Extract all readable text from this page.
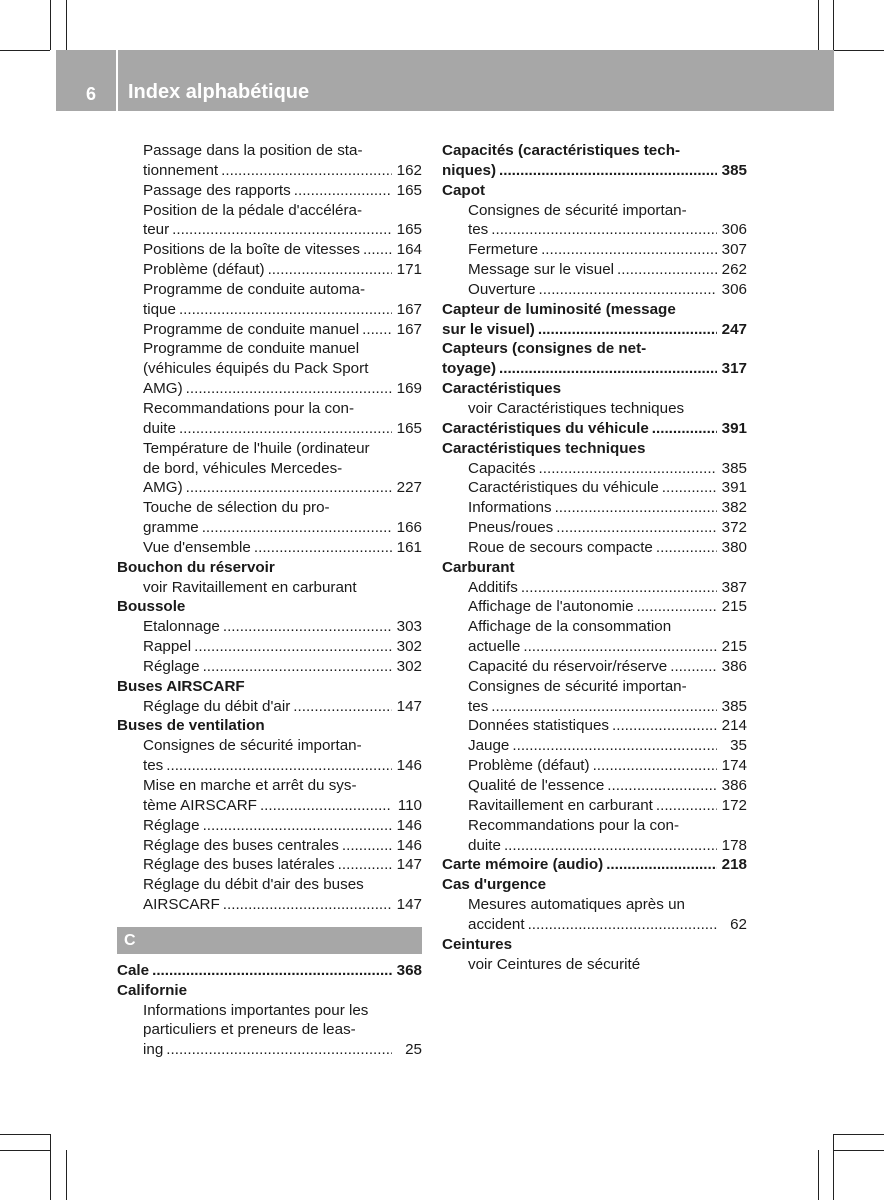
6 Index alphabétique
Passage dans la position de sta-
tionnement .....	162
Passage des rapports .....	165
Position de la pédale d'accéléra-
teur .....	165
Positions de la boîte de vitesses .....	164
Problème (défaut) .....	171
Programme de conduite automa-
tique .....	167
Programme de conduite manuel .....	167
Programme de conduite manuel
(véhicules équipés du Pack Sport
AMG) .....	169
Recommandations pour la con-
duite .....	165
Température de l'huile (ordinateur
de bord, véhicules Mercedes-
AMG) .....	227
Touche de sélection du pro-
gramme .....	166
Vue d'ensemble .....	161
Bouchon du réservoir
voir Ravitaillement en carburant
Boussole
Etalonnage .....	303
Rappel .....	302
Réglage .....	302
Buses AIRSCARF
Réglage du débit d'air .....	147
Buses de ventilation
Consignes de sécurité importan-
tes .....	146
Mise en marche et arrêt du sys-
tème AIRSCARF .....	110
Réglage .....	146
Réglage des buses centrales .....	146
Réglage des buses latérales .....	147
Réglage du débit d'air des buses
AIRSCARF .....	147
C
Cale .....	368
Californie
Informations importantes pour les
particuliers et preneurs de leas-
ing .....	25
Capacités (caractéristiques tech-
niques) .....	385
Capot
Consignes de sécurité importan-
tes .....	306
Fermeture .....	307
Message sur le visuel .....	262
Ouverture .....	306
Capteur de luminosité (message
sur le visuel) .....	247
Capteurs (consignes de net-
toyage) .....	317
Caractéristiques
voir Caractéristiques techniques
Caractéristiques du véhicule .....	391
Caractéristiques techniques
Capacités .....	385
Caractéristiques du véhicule .....	391
Informations .....	382
Pneus/roues .....	372
Roue de secours compacte .....	380
Carburant
Additifs .....	387
Affichage de l'autonomie .....	215
Affichage de la consommation
actuelle .....	215
Capacité du réservoir/réserve .....	386
Consignes de sécurité importan-
tes .....	385
Données statistiques .....	214
Jauge .....	35
Problème (défaut) .....	174
Qualité de l'essence .....	386
Ravitaillement en carburant .....	172
Recommandations pour la con-
duite .....	178
Carte mémoire (audio) .....	218
Cas d'urgence
Mesures automatiques après un
accident .....	62
Ceintures
voir Ceintures de sécurité
